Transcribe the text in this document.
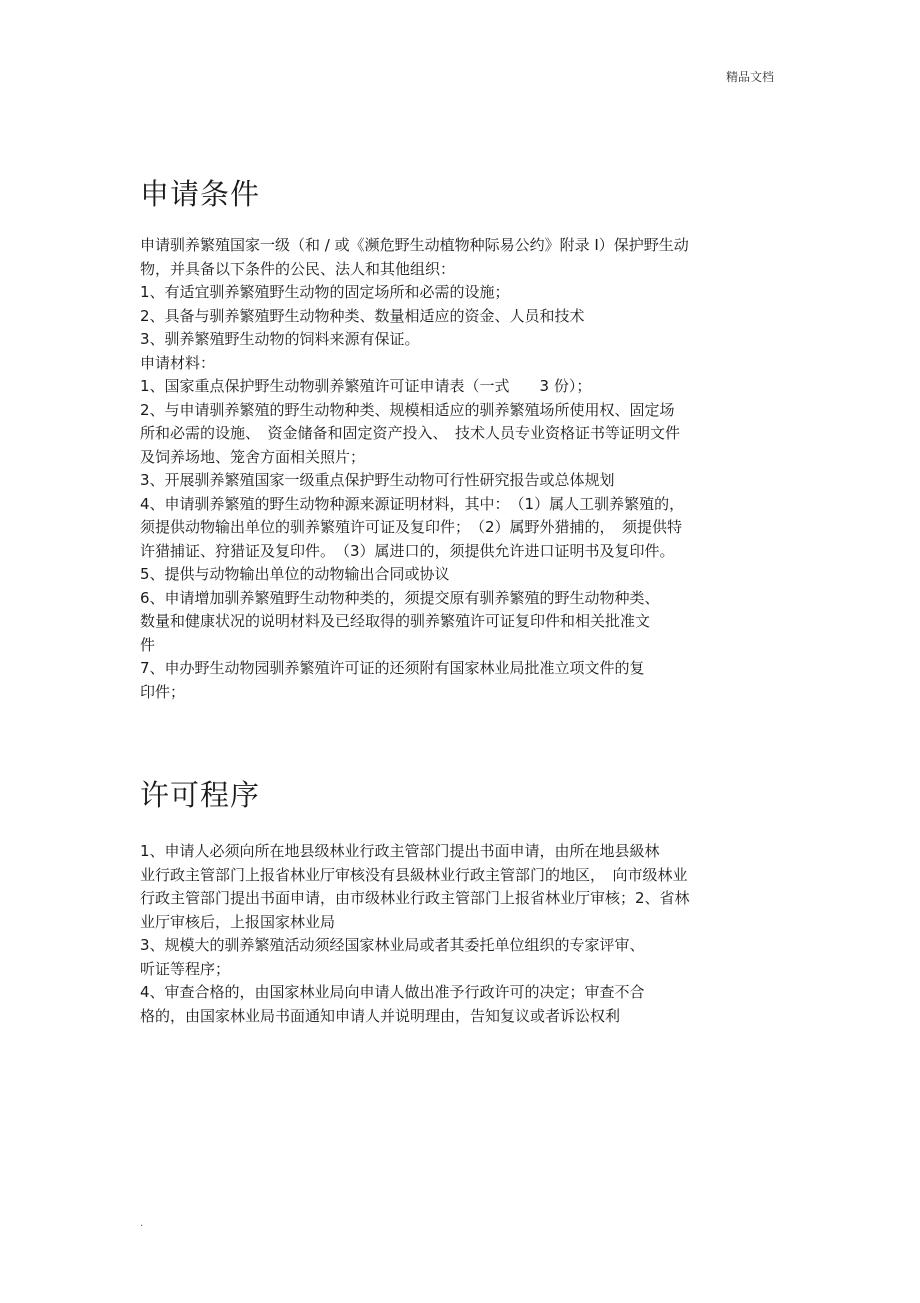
精品文档
申请条件

申请驯养繁殖国家一级（和 / 或《濒危野生动植物种际易公约》附录 I）保护野生动

物，并具备以下条件的公民、法人和其他组织：

1、有适宜驯养繁殖野生动物的固定场所和必需的设施；

2、具备与驯养繁殖野生动物种类、数量相适应的资金、人员和技术

3、驯养繁殖野生动物的饲料来源有保证。

申请材料：

1、国家重点保护野生动物驯养繁殖许可证申请表（一式　　3 份）；

2、与申请驯养繁殖的野生动物种类、规模相适应的驯养繁殖场所使用权、固定场

所和必需的设施、　资金储备和固定资产投入、　技术人员专业资格证书等证明文件

及饲养场地、笼舍方面相关照片；

3、开展驯养繁殖国家一级重点保护野生动物可行性研究报告或总体规划

4、申请驯养繁殖的野生动物种源来源证明材料，其中：　（1）属人工驯养繁殖的，

须提供动物输出单位的驯养繁殖许可证及复印件；　（2）属野外猎捕的，　须提供特

许猎捕证、狩猎证及复印件。　（3）属进口的，须提供允许进口证明书及复印件。

5、提供与动物输出单位的动物输出合同或协议

6、申请增加驯养繁殖野生动物种类的，须提交原有驯养繁殖的野生动物种类、

数量和健康状况的说明材料及已经取得的驯养繁殖许可证复印件和相关批准文

件

7、申办野生动物园驯养繁殖许可证的还须附有国家林业局批准立项文件的复

印件；

许可程序

1、申请人必须向所在地县级林业行政主管部门提出书面申请，由所在地县級林

业行政主管部门上报省林业厅审核没有县級林业行政主管部门的地区，　向市级林业

行政主管部门提出书面申请，由市级林业行政主管部门上报省林业厅审核；2、省林

业厅审核后，上报国家林业局

3、规模大的驯养繁殖活动须经国家林业局或者其委托单位组织的专家评审、

听证等程序；

4、审查合格的，由国家林业局向申请人做出准予行政许可的决定；审查不合

格的，由国家林业局书面通知申请人并说明理由，告知复议或者诉讼权利

.
